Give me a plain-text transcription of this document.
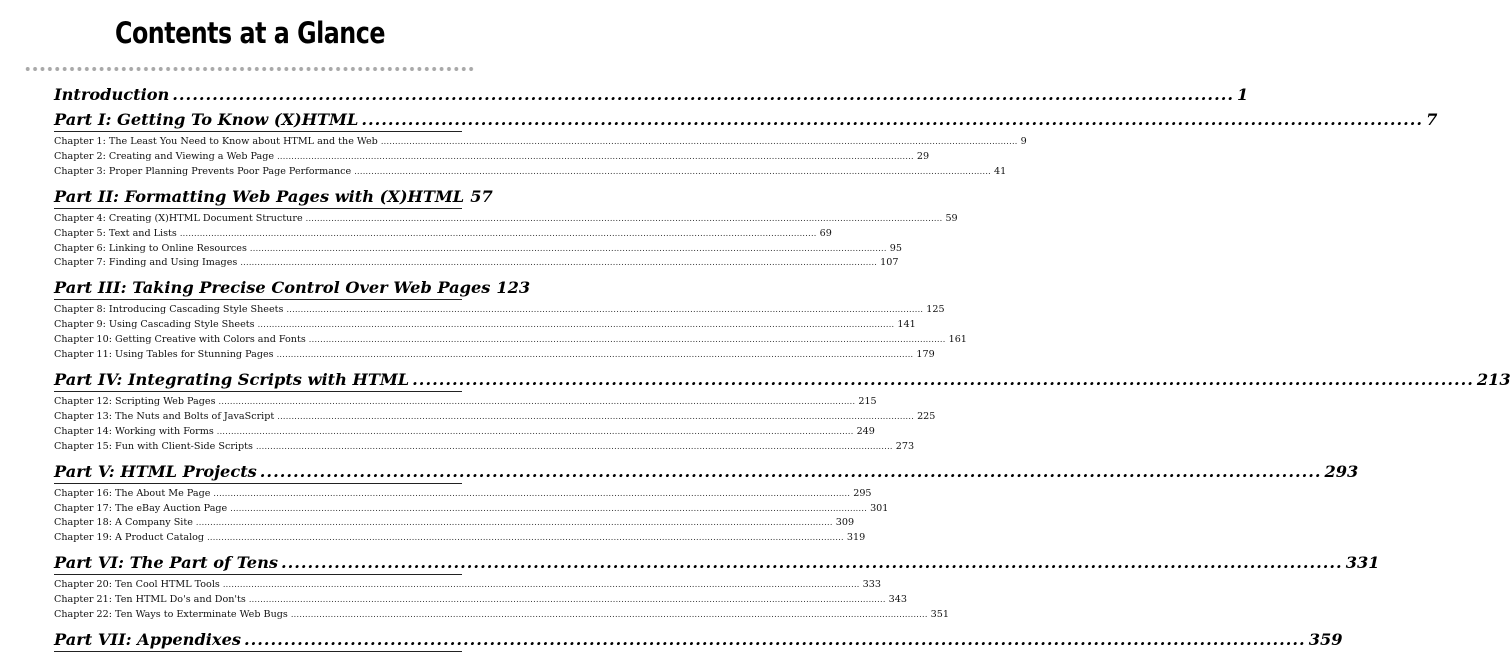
Contents at a Glance
Introduction .....	1
Part I: Getting To Know (X)HTML .....	7
Chapter 1: The Least You Need to Know about HTML and the Web .....	9
Chapter 2: Creating and Viewing a Web Page .....	29
Chapter 3: Proper Planning Prevents Poor Page Performance .....	41
Part II: Formatting Web Pages with (X)HTML 57
Chapter 4: Creating (X)HTML Document Structure .....	59
Chapter 5: Text and Lists .....	69
Chapter 6: Linking to Online Resources .....	95
Chapter 7: Finding and Using Images .....	107
Part III: Taking Precise Control Over Web Pages 123
Chapter 8: Introducing Cascading Style Sheets .....	125
Chapter 9: Using Cascading Style Sheets .....	141
Chapter 10: Getting Creative with Colors and Fonts .....	161
Chapter 11: Using Tables for Stunning Pages .....	179
Part IV: Integrating Scripts with HTML .....	213
Chapter 12: Scripting Web Pages .....	215
Chapter 13: The Nuts and Bolts of JavaScript .....	225
Chapter 14: Working with Forms .....	249
Chapter 15: Fun with Client-Side Scripts .....	273
Part V: HTML Projects .....	293
Chapter 16: The About Me Page .....	295
Chapter 17: The eBay Auction Page .....	301
Chapter 18: A Company Site .....	309
Chapter 19: A Product Catalog .....	319
Part VI: The Part of Tens .....	331
Chapter 20: Ten Cool HTML Tools .....	333
Chapter 21: Ten HTML Do's and Don'ts .....	343
Chapter 22: Ten Ways to Exterminate Web Bugs .....	351
Part VII: Appendixes .....	359
